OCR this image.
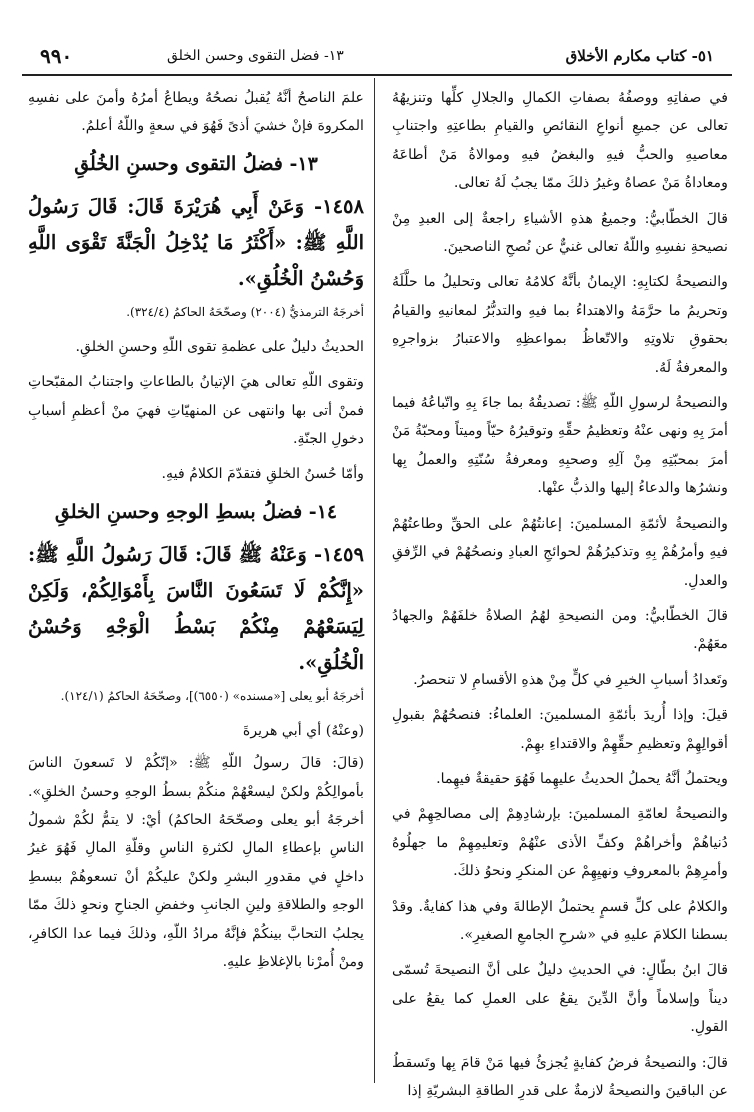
٩٩٠	١٣- فضل التقوى وحسن الخلق	٥١- كتاب مكارم الأخلاق

في صفاتِهِ ووصفُهُ بصفاتِ الكمالِ والجلالِ كلِّها وتنزيهُهُ تعالى عن جميعِ أنواعِ النقائصِ والقيامِ بطاعتِهِ واجتنابِ معاصيهِ والحبُّ فيهِ والبغضُ فيهِ وموالاةُ مَنْ أطاعَهُ ومعاداةُ مَنْ عصاهُ وغيرُ ذلكَ ممّا يجبُ لَهُ تعالى.

قالَ الخطّابيُّ: وجميعُ هذهِ الأشياءِ راجعةٌ إلى العبدِ مِنْ نصيحةِ نفسِهِ واللّهُ تعالى غنيٌّ عن نُصحِ الناصحينَ.

والنصيحةُ لكتابِهِ: الإيمانُ بأنَّهُ كلامُهُ تعالى وتحليلُ ما حلَّلَهُ وتحريمُ ما حرَّمَهُ والاهتداءُ بما فيهِ والتدبُّرُ لمعانيهِ والقيامُ بحقوقِ تلاوتِهِ والاتّعاظُ بمواعظِهِ والاعتبارُ بزواجرِهِ والمعرفةُ لَهُ.

والنصيحةُ لرسولِ اللّهِ ﷺ: تصديقُهُ بما جاءَ بِهِ واتّباعُهُ فيما أمرَ بِهِ ونهى عنْهُ وتعظيمُ حقِّهِ وتوقيرُهُ حيّاً وميتاً ومحبّةُ مَنْ أمرَ بمحبّتِهِ مِنْ آلِهِ وصحبِهِ ومعرفةُ سُنّتِهِ والعملُ بِها ونشرُها والدعاءُ إليها والذبُّ عنْها.

والنصيحةُ لأئمّةِ المسلمينَ: إعانتُهُمْ على الحقِّ وطاعتُهُمْ فيهِ وأمرُهُمْ بِهِ وتذكيرُهُمْ لحوائجِ العبادِ ونصحُهُمْ في الرِّفقِ والعدلِ.

قالَ الخطّابيُّ: ومن النصيحةِ لهُمُ الصلاةُ خلفَهُمْ والجهادُ معَهُمْ.

وتَعدادُ أسبابِ الخيرِ في كلٍّ مِنْ هذهِ الأقسامِ لا تنحصرُ.

قيلَ: وإذا أُريدَ بأئمّةِ المسلمينَ: العلماءُ: فنصحُهُمْ بقبولِ أقوالِهِمْ وتعظيمِ حقِّهِمْ والاقتداءِ بهِمْ.

ويحتملُ أنَّهُ يحملُ الحديثُ عليهِما فَهُوَ حقيقةٌ فيهِما.

والنصيحةُ لعامّةِ المسلمينَ: بإرشادِهِمْ إلى مصالحِهِمْ في دُنياهُمْ وأخراهُمْ وكفِّ الأذى عنْهُمْ وتعليمِهِمْ ما جهلُوهُ وأمرِهِمْ بالمعروفِ ونهيِهِمْ عن المنكرِ ونحوُ ذلكَ.

والكلامُ على كلِّ قسمٍ يحتملُ الإطالةَ وفي هذا كفايةٌ. وقدْ بسطنا الكلامَ عليهِ في «شرحِ الجامعِ الصغيرِ».

قالَ ابنُ بطّالٍ: في الحديثِ دليلٌ على أنَّ النصيحةَ تُسمّى ديناً وإسلاماً وأنَّ الدِّينَ يقعُ على العملِ كما يقعُ على القولِ.

قالَ: والنصيحةُ فرضُ كفايةٍ يُجزئُ فيها مَنْ قامَ بِها وتَسقطُ عن الباقينَ والنصيحةُ لازمةٌ على قدرِ الطاقةِ البشريّةِ إذا

علمَ الناصحُ أنَّهُ يُقبلُ نصحُهُ ويطاعُ أمرُهُ وأمنَ على نفسِهِ المكروهَ فإنْ خشيَ أذىً فَهُوَ في سعةٍ واللّهُ أعلمُ.

١٣- فضلُ التقوى وحسنِ الخُلُقِ
١٤٥٨- وَعَنْ أَبِي هُرَيْرَةَ قَالَ: قَالَ رَسُولُ اللَّهِ ﷺ: «أَكْثَرُ مَا يُدْخِلُ الْجَنَّةَ تَقْوَى اللَّهِ وَحُسْنُ الْخُلُقِ».
أخرجَهُ الترمذيُّ (٢٠٠٤) وصحّحَهُ الحاكمُ (٣٢٤/٤).

الحديثُ دليلٌ على عظمةِ تقوى اللّهِ وحسنِ الخلقِ.

وتقوى اللّهِ تعالى هيَ الإتيانُ بالطاعاتِ واجتنابُ المقبّحاتِ فمنْ أتى بها وانتهى عن المنهيّاتِ فهيَ منْ أعظمِ أسبابِ دخولِ الجنّةِ.

وأمّا حُسنُ الخلقِ فتقدّمَ الكلامُ فيهِ.

١٤- فضلُ بسطِ الوجهِ وحسنِ الخلقِ
١٤٥٩- وَعَنْهُ ﷺ قَالَ: قَالَ رَسُولُ اللَّهِ ﷺ: «إِنَّكُمْ لَا تَسَعُونَ النَّاسَ بِأَمْوَالِكُمْ، وَلَكِنْ لِيَسَعْهُمْ مِنْكُمْ بَسْطُ الْوَجْهِ وَحُسْنُ الْخُلُقِ».
أخرجَهُ أبو يعلى [«مسنده» (٦٥٥٠)]، وصحّحَهُ الحاكمُ (١٢٤/١).

(وعنْهُ) أي أبي هريرةَ

(قالَ: قالَ رسولُ اللّهِ ﷺ: «إنّكُمْ لا تَسعونَ الناسَ بأموالِكُمْ ولكنْ ليسعْهُمْ منكُمْ بسطُ الوجهِ وحسنُ الخلقِ». أخرجَهُ أبو يعلى وصحّحَهُ الحاكمُ) أيْ: لا يتمُّ لكُمْ شمولُ الناسِ بإعطاءِ المالِ لكثرةِ الناسِ وقلّةِ المالِ فَهُوَ غيرُ داخلٍ في مقدورِ البشرِ ولكنْ عليكُمْ أنْ تسعوهُمْ ببسطِ الوجهِ والطلاقةِ ولينِ الجانبِ وخفضِ الجناحِ ونحوِ ذلكَ ممّا يجلبُ التحابَّ بينكُمْ فإنَّهُ مرادُ اللّهِ، وذلكَ فيما عدا الكافرِ، ومنْ أُمرْنا بالإغلاظِ عليهِ.
